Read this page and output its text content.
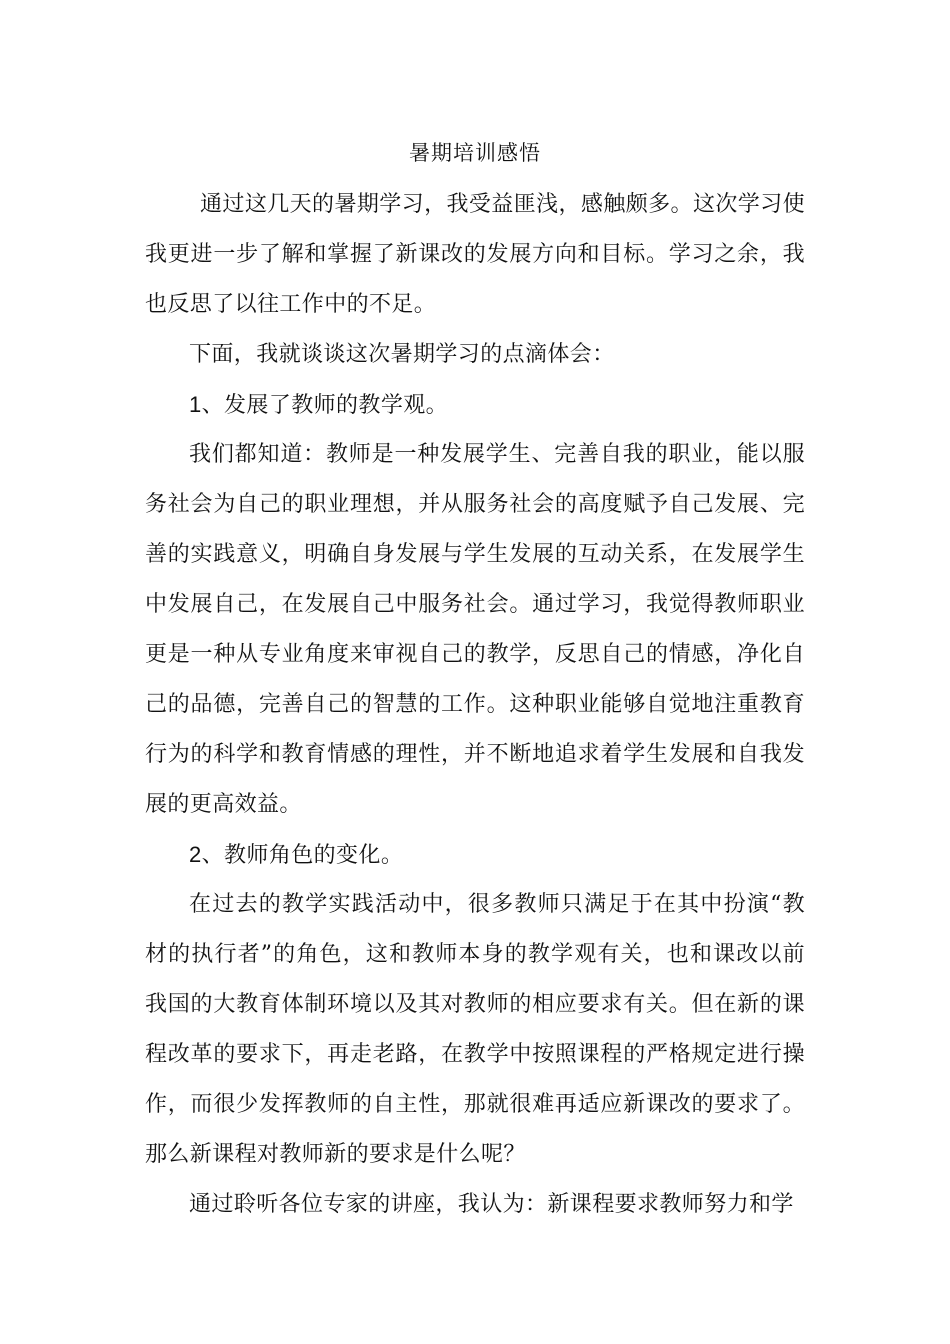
暑期培训感悟

通过这几天的暑期学习，我受益匪浅，感触颇多。这次学习使我更进一步了解和掌握了新课改的发展方向和目标。学习之余，我也反思了以往工作中的不足。

下面，我就谈谈这次暑期学习的点滴体会：

1、发展了教师的教学观。

我们都知道：教师是一种发展学生、完善自我的职业，能以服务社会为自己的职业理想，并从服务社会的高度赋予自己发展、完善的实践意义，明确自身发展与学生发展的互动关系，在发展学生中发展自己，在发展自己中服务社会。通过学习，我觉得教师职业更是一种从专业角度来审视自己的教学，反思自己的情感，净化自己的品德，完善自己的智慧的工作。这种职业能够自觉地注重教育行为的科学和教育情感的理性，并不断地追求着学生发展和自我发展的更高效益。

2、教师角色的变化。

在过去的教学实践活动中，很多教师只满足于在其中扮演“教材的执行者”的角色，这和教师本身的教学观有关，也和课改以前我国的大教育体制环境以及其对教师的相应要求有关。但在新的课程改革的要求下，再走老路，在教学中按照课程的严格规定进行操作，而很少发挥教师的自主性，那就很难再适应新课改的要求了。那么新课程对教师新的要求是什么呢？

通过聆听各位专家的讲座，我认为：新课程要求教师努力和学
